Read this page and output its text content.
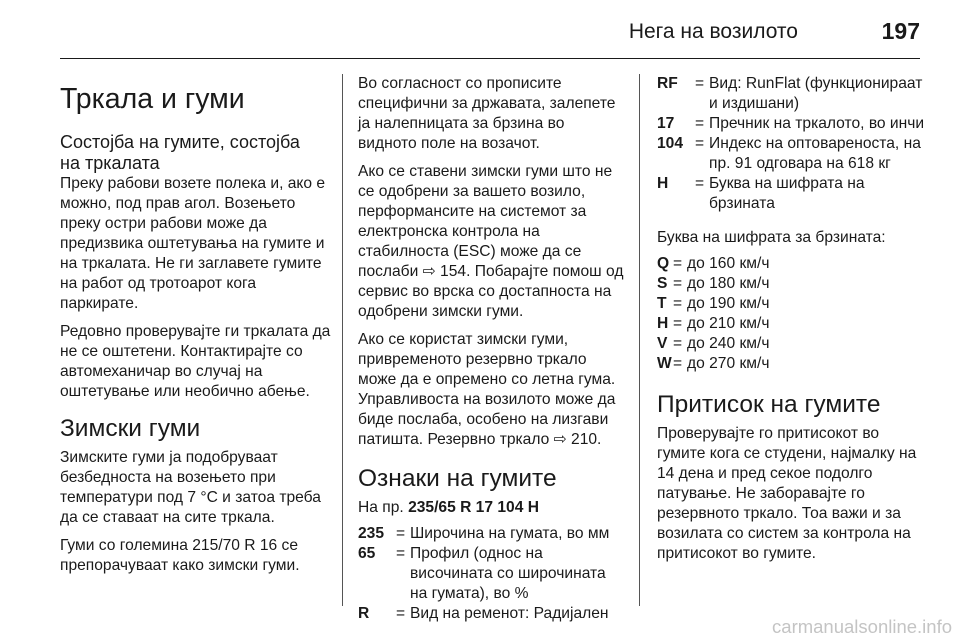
Нега на возилото	197
Тркала и гуми
Состојба на гумите, состојба
на тркалата

Преку рабови возете полека и, ако е можно, под прав агол. Возењето преку остри рабови може да предизвика оштетувања на гумите и на тркалата. Не ги заглавете гумите на работ од тротоарот кога паркирате.

Редовно проверувајте ги тркалата да не се оштетени. Контактирајте со автомеханичар во случај на оштетување или необично абење.

Зимски гуми

Зимските гуми ја подобруваат безбедноста на возењето при температури под 7 °C и затоа треба да се ставаат на сите тркала.

Гуми со големина 215/70 R 16 се препорачуваат како зимски гуми.

Во согласност со прописите специфични за државата, залепете ја налепницата за брзина во видното поле на возачот.

Ако се ставени зимски гуми што не се одобрени за вашето возило, перформансите на системот за електронска контрола на стабилноста (ESC) може да се послаби ⇨ 154. Побарајте помош од сервис во врска со достапноста на одобрени зимски гуми.

Ако се користат зимски гуми, привременото резервно тркало може да е опремено со летна гума. Управливоста на возилото може да биде послаба, особено на лизгави патишта. Резервно тркало ⇨ 210.

Ознаки на гумите

На пр. 235/65 R 17 104 H

235 = Широчина на гумата, во мм
65	= Профил (однос на височината со широчината на гумата), во %
R	= Вид на ременот: Радијален
RF	= Вид: RunFlat (функционираат и издишани)
17	= Пречник на тркалото, во инчи
104 = Индекс на оптовареноста, на пр. 91 одговара на 618 кг
H	= Буква на шифрата на брзината

Буква на шифрата за брзината:

Q = до 160 км/ч
S = до 180 км/ч
T = до 190 км/ч
H = до 210 км/ч
V = до 240 км/ч
W = до 270 км/ч
Притисок на гумите

Проверувајте го притисокот во гумите кога се студени, најмалку на 14 дена и пред секое подолго патување. Не заборавајте го резервното тркало. Тоа важи и за возилата со систем за контрола на притисокот во гумите.

carmanualsonline.info
